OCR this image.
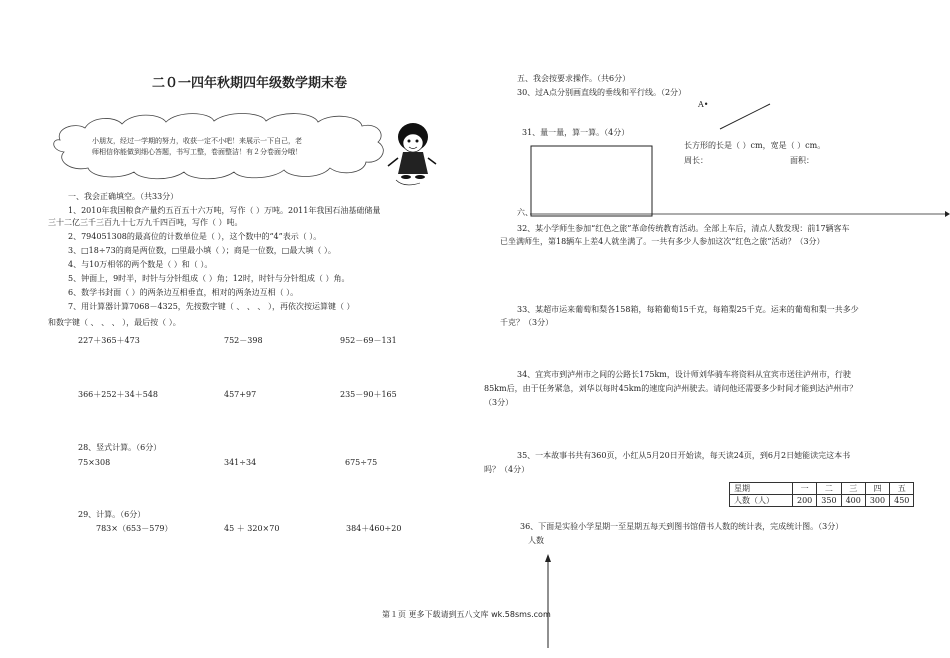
二０一四年秋期四年级数学期末卷
小朋友，经过一学期的努力，收获一定不小吧！来展示一下自己，老
师相信你能做到细心答题，书写工整，卷面整洁！有２分卷面分哦！
一、我会正确填空。（共33分）
1、2010年我国粮食产量约五百五十六万吨，写作（ ）万吨。2011年我国石油基础储量
三十二亿三千三百九十七万九千四百吨，写作（ ）吨。
2、794051308的最高位的计数单位是（ ），这个数中的“4”表示（ ）。
3、□18÷73的商是两位数，□里最小填（ ）；商是一位数，□最大填（ ）。
4、与10万相邻的两个数是（ ）和（ ）。
5、钟面上，9时半，时针与分针组成（ ）角；12时，时针与分针组成（ ）角。
6、数学书封面（ ）的两条边互相垂直，相对的两条边互相（ ）。
7、用计算器计算7068－4325，先按数字键（ 、 、 、 ），再依次按运算键（ ）
和数字键（ 、 、 、 ），最后按（ ）。
227＋365＋473	752－398	952－69－131
366＋252＋34＋548	457+97	235－90＋165
28、竖式计算。（6分）
75×308	341÷34	675÷75
29、计算。（6分）
783×（653－579）	45 ＋ 320×70	384＋460÷20
五、我会按要求操作。（共6分）
30、过A点分别画直线的垂线和平行线。（2分）
A•
31、量一量，算一算。（4分）
长方形的长是（ ）cm，宽是（ ）cm。
周长：	面积：
六、
32、某小学师生参加“红色之旅”革命传统教育活动。全部上车后，清点人数发现：前17辆客车
已坐满师生，第18辆车上差4人就坐满了。一共有多少人参加这次“红色之旅”活动？（3分）
33、某超市运来葡萄和梨各158箱，每箱葡萄15千克，每箱梨25千克。运来的葡萄和梨一共多少
千克？（3分）
34、宜宾市到泸州市之间的公路长175km，设计师刘华骑车将资料从宜宾市送往泸州市，行驶
85km后，由于任务紧急，刘华以每时45km的速度向泸州驶去。请问他还需要多少时间才能到达泸州市？
（3分）
35、一本故事书共有360页，小红从5月20日开始读，每天读24页，到6月2日她能读完这本书
吗？（4分）
星期	一	二	三	四	五
人数（人）	200	350	400	300	450
36、下面是实验小学星期一至星期五每天到图书馆借书人数的统计表，完成统计图。（3分）
人数
第１页 更多下载请到五八文库 wk.58sms.com
